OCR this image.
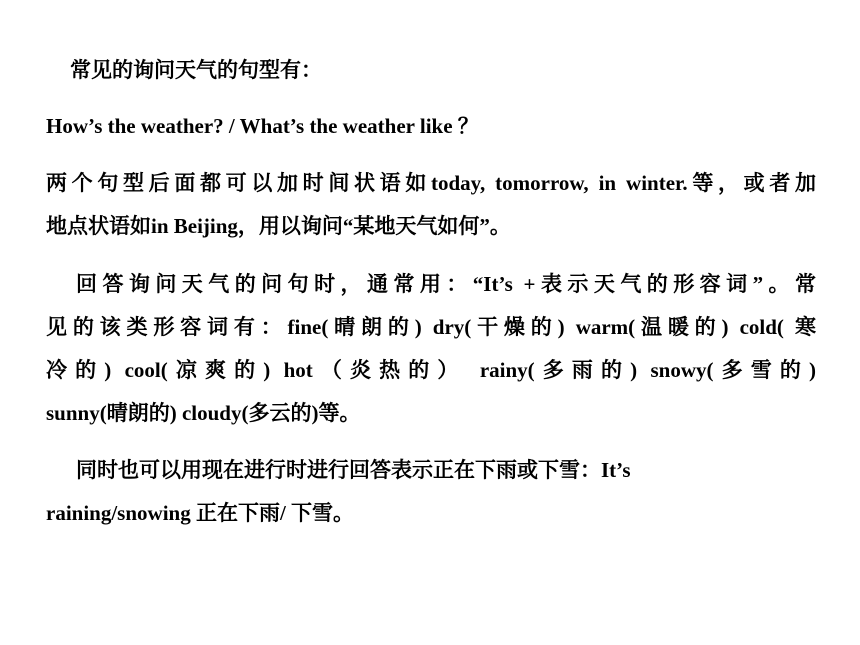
常见的询问天气的句型有：
How’s the weather? / What’s the weather like ？
两个句型后面都可以加时间状语如today, tomorrow, in winter.等，或者加
地点状语如in Beijing，用以询问“某地天气如何”。
回答询问天气的问句时，通常用：“It’s +表示天气的形容词”。常
见的该类形容词有：fine(晴朗的) dry(干燥的) warm(温暖的) cold( 寒
冷的) cool(凉爽的) hot（炎热的） rainy(多雨的) snowy(多雪的)
sunny(晴朗的) cloudy(多云的)等。
同时也可以用现在进行时进行回答表示正在下雨或下雪：It’s
raining/snowing 正在下雨/ 下雪。
